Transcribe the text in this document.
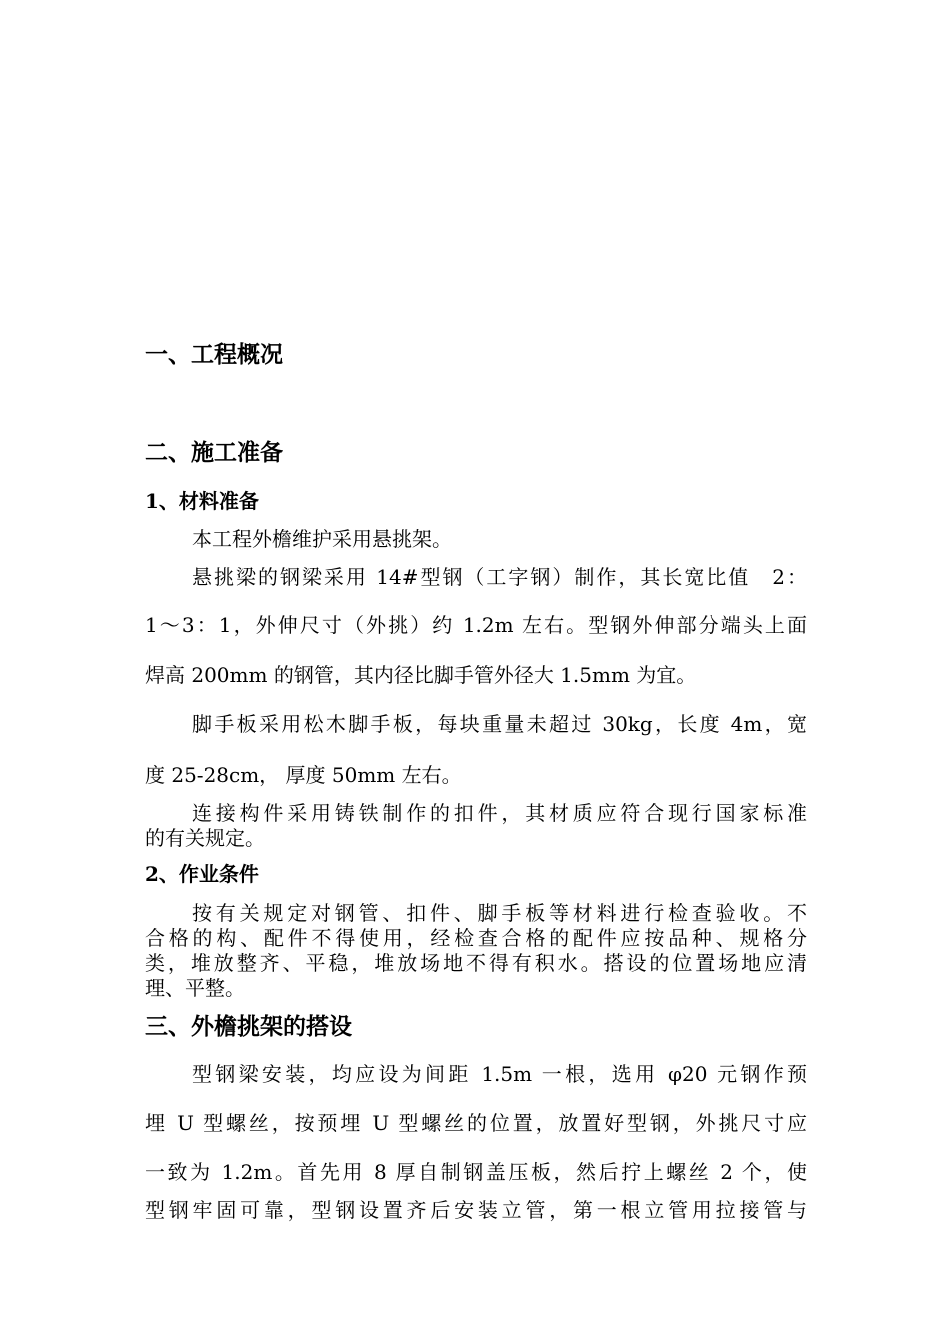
一、工程概况
二、施工准备
1、材料准备
本工程外檐维护采用悬挑架。
悬挑梁的钢梁采用 14#型钢（工字钢）制作，其长宽比值　2：
1～3：1，外伸尺寸（外挑）约 1.2m 左右。型钢外伸部分端头上面
焊高 200mm 的钢管，其内径比脚手管外径大 1.5mm 为宜。
脚手板采用松木脚手板，每块重量未超过 30kg，长度 4m，宽
度 25-28cm， 厚度 50mm 左右。
连接构件采用铸铁制作的扣件，其材质应符合现行国家标准
的有关规定。
2、作业条件
按有关规定对钢管、扣件、脚手板等材料进行检查验收。不
合格的构、配件不得使用，经检查合格的配件应按品种、规格分
类，堆放整齐、平稳，堆放场地不得有积水。搭设的位置场地应清
理、平整。
三、外檐挑架的搭设
型钢梁安装，均应设为间距 1.5m 一根，选用 φ20 元钢作预
埋 U 型螺丝，按预埋 U 型螺丝的位置，放置好型钢，外挑尺寸应
一致为 1.2m。首先用 8 厚自制钢盖压板，然后拧上螺丝 2 个，使
型钢牢固可靠，型钢设置齐后安装立管，第一根立管用拉接管与
